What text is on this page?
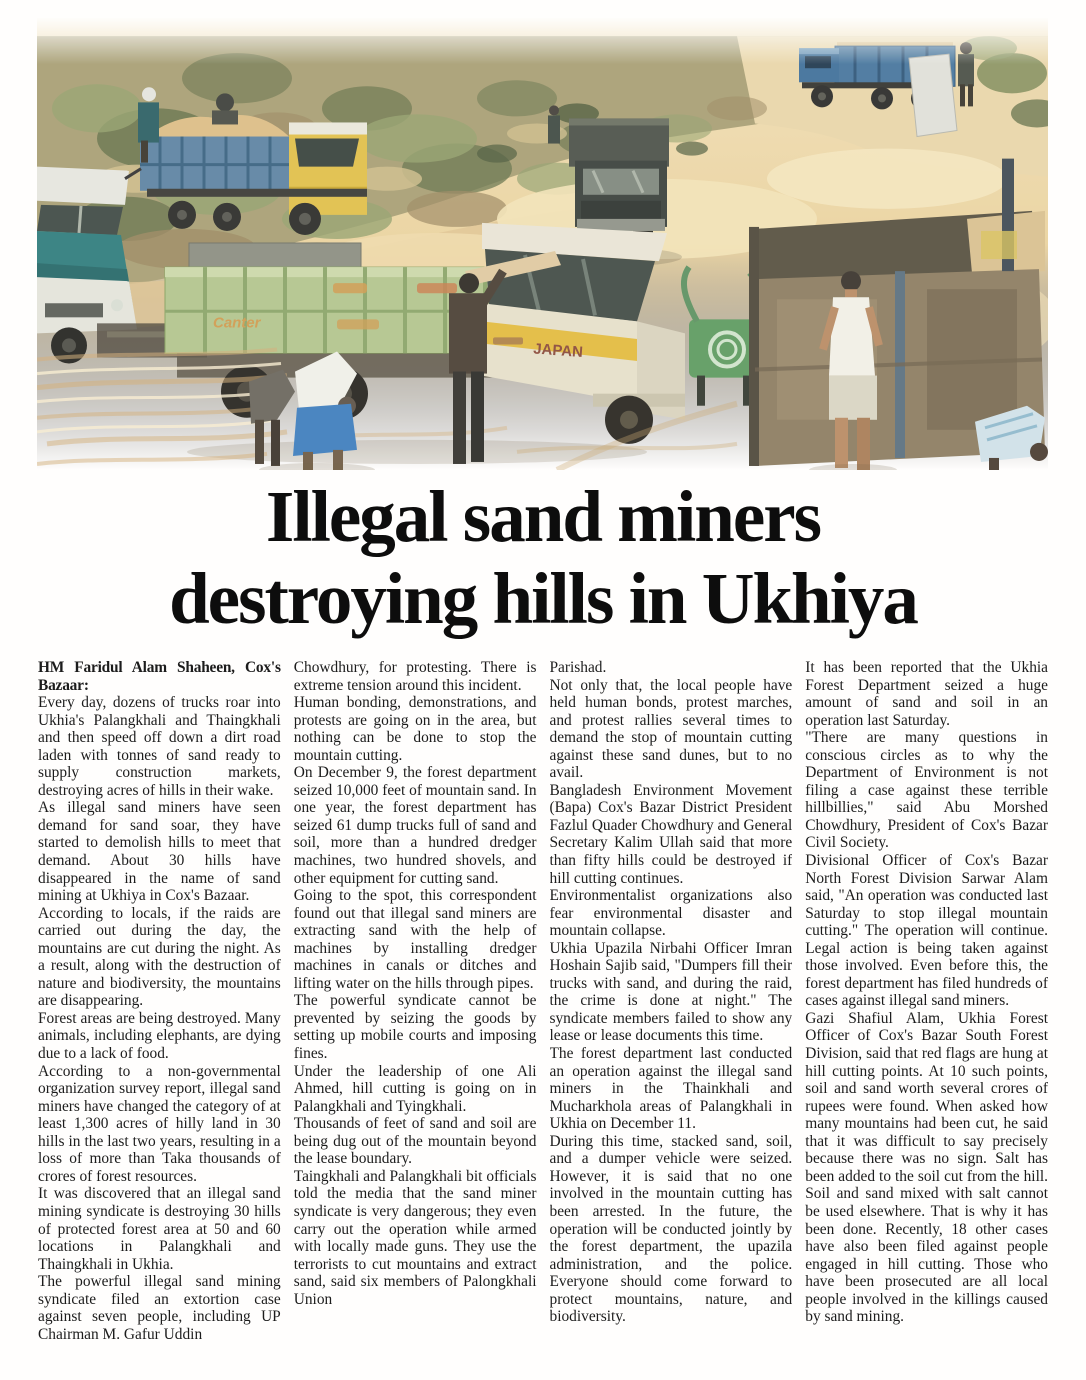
Canter
JAPAN
Illegal sand miners
destroying hills in Ukhiya

HM Faridul Alam Shaheen, Cox's Bazaar:

Every day, dozens of trucks roar into Ukhia's Palangkhali and Thaingkhali and then speed off down a dirt road laden with tonnes of sand ready to supply construction markets, destroying acres of hills in their wake.

As illegal sand miners have seen demand for sand soar, they have started to demolish hills to meet that demand. About 30 hills have disappeared in the name of sand mining at Ukhiya in Cox's Bazaar.

According to locals, if the raids are carried out during the day, the mountains are cut during the night. As a result, along with the destruction of nature and biodiversity, the mountains are disappearing.

Forest areas are being destroyed. Many animals, including elephants, are dying due to a lack of food.

According to a non-governmental organization survey report, illegal sand miners have changed the category of at least 1,300 acres of hilly land in 30 hills in the last two years, resulting in a loss of more than Taka thousands of crores of forest resources.

It was discovered that an illegal sand mining syndicate is destroying 30 hills of protected forest area at 50 and 60 locations in Palangkhali and Thaingkhali in Ukhia.

The powerful illegal sand mining syndicate filed an extortion case against seven people, including UP Chairman M. Gafur Uddin

Chowdhury, for protesting. There is extreme tension around this incident.

Human bonding, demonstrations, and protests are going on in the area, but nothing can be done to stop the mountain cutting.

On December 9, the forest department seized 10,000 feet of mountain sand. In one year, the forest department has seized 61 dump trucks full of sand and soil, more than a hundred dredger machines, two hundred shovels, and other equipment for cutting sand.

Going to the spot, this correspondent found out that illegal sand miners are extracting sand with the help of machines by installing dredger machines in canals or ditches and lifting water on the hills through pipes.

The powerful syndicate cannot be prevented by seizing the goods by setting up mobile courts and imposing fines.

Under the leadership of one Ali Ahmed, hill cutting is going on in Palangkhali and Tyingkhali.

Thousands of feet of sand and soil are being dug out of the mountain beyond the lease boundary.

Taingkhali and Palangkhali bit officials told the media that the sand miner syndicate is very dangerous; they even carry out the operation while armed with locally made guns. They use the terrorists to cut mountains and extract sand, said six members of Palongkhali Union

Parishad.

Not only that, the local people have held human bonds, protest marches, and protest rallies several times to demand the stop of mountain cutting against these sand dunes, but to no avail.

Bangladesh Environment Movement (Bapa) Cox's Bazar District President Fazlul Quader Chowdhury and General Secretary Kalim Ullah said that more than fifty hills could be destroyed if hill cutting continues.

Environmentalist organizations also fear environmental disaster and mountain collapse.

Ukhia Upazila Nirbahi Officer Imran Hoshain Sajib said, "Dumpers fill their trucks with sand, and during the raid, the crime is done at night." The syndicate members failed to show any lease or lease documents this time.

The forest department last conducted an operation against the illegal sand miners in the Thainkhali and Mucharkhola areas of Palangkhali in Ukhia on December 11.

During this time, stacked sand, soil, and a dumper vehicle were seized. However, it is said that no one involved in the mountain cutting has been arrested. In the future, the operation will be conducted jointly by the forest department, the upazila administration, and the police. Everyone should come forward to protect mountains, nature, and biodiversity.

It has been reported that the Ukhia Forest Department seized a huge amount of sand and soil in an operation last Saturday.

"There are many questions in conscious circles as to why the Department of Environment is not filing a case against these terrible hillbillies," said Abu Morshed Chowdhury, President of Cox's Bazar Civil Society.

Divisional Officer of Cox's Bazar North Forest Division Sarwar Alam said, "An operation was conducted last Saturday to stop illegal mountain cutting." The operation will continue. Legal action is being taken against those involved. Even before this, the forest department has filed hundreds of cases against illegal sand miners.

Gazi Shafiul Alam, Ukhia Forest Officer of Cox's Bazar South Forest Division, said that red flags are hung at hill cutting points. At 10 such points, soil and sand worth several crores of rupees were found. When asked how many mountains had been cut, he said that it was difficult to say precisely because there was no sign. Salt has been added to the soil cut from the hill. Soil and sand mixed with salt cannot be used elsewhere. That is why it has been done. Recently, 18 other cases have also been filed against people engaged in hill cutting. Those who have been prosecuted are all local people involved in the killings caused by sand mining.
